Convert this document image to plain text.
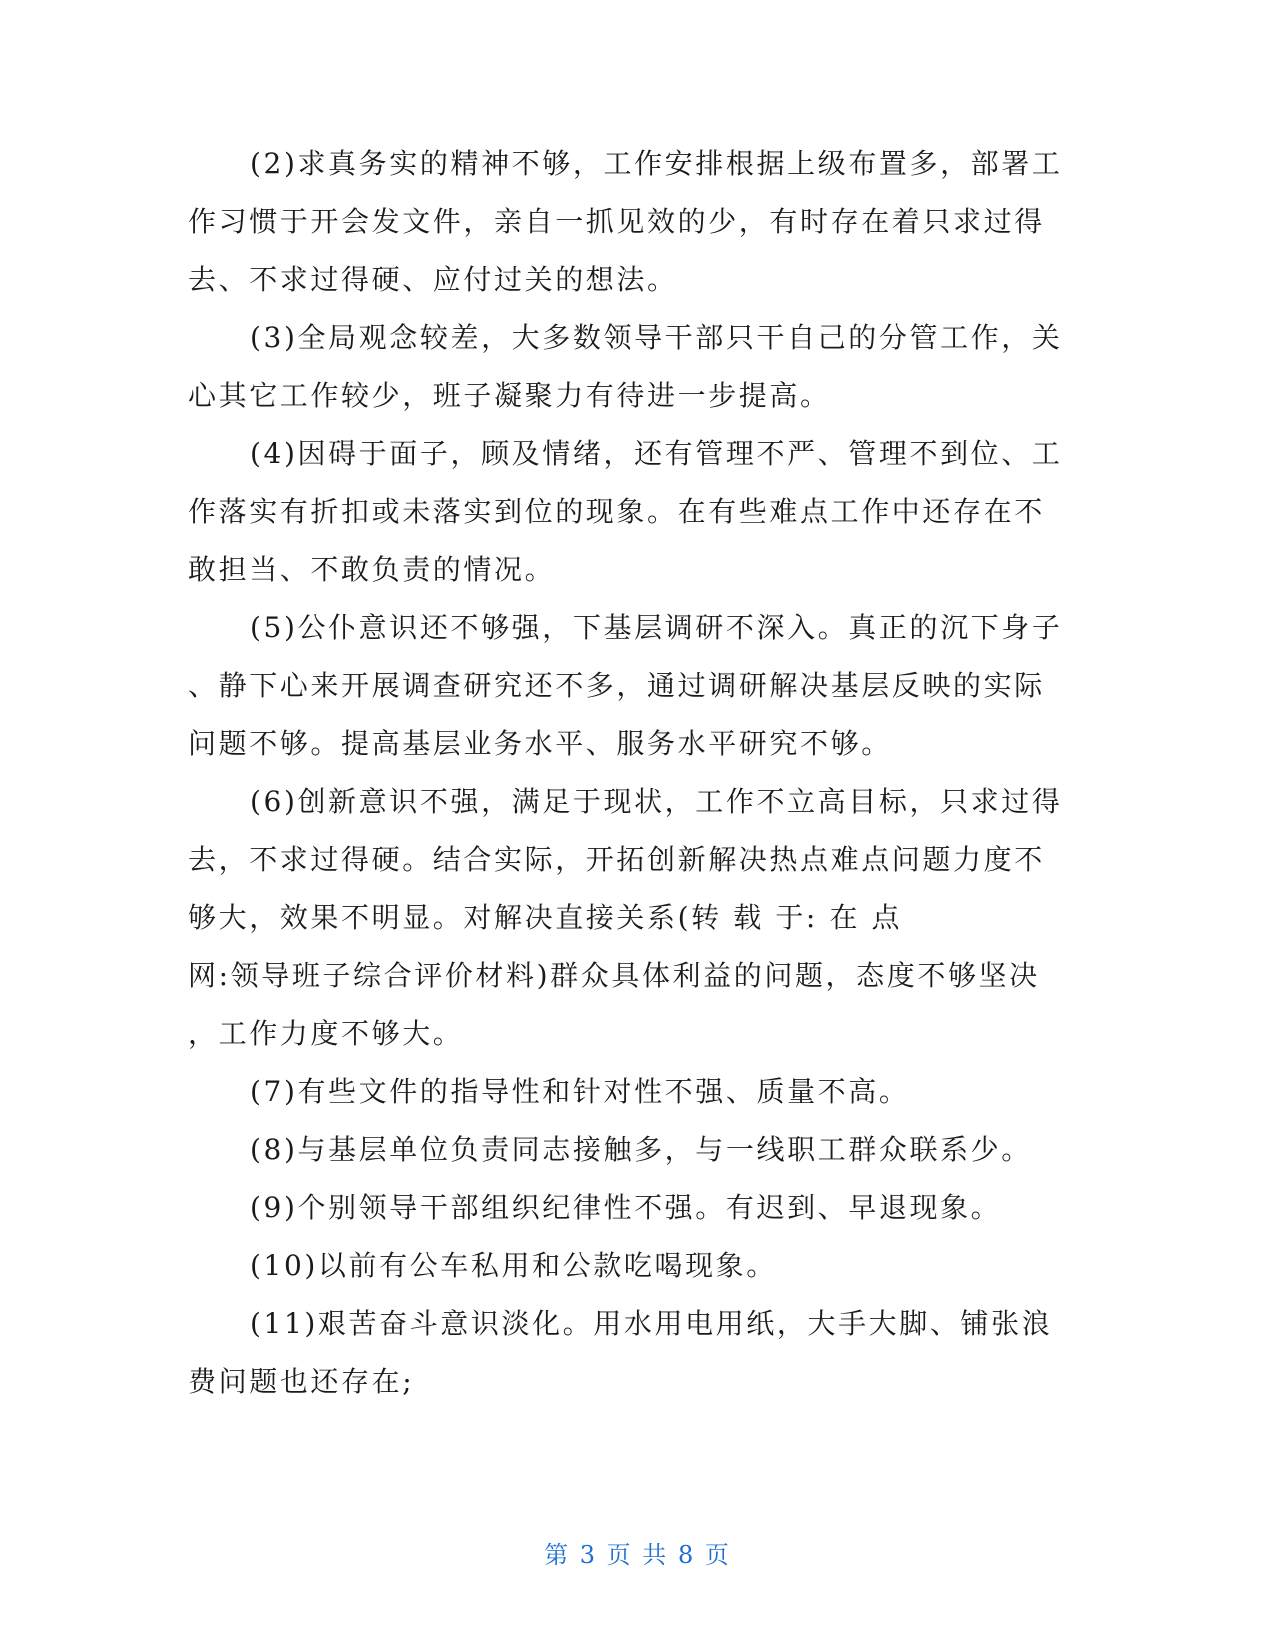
(2)求真务实的精神不够，工作安排根据上级布置多，部署工
作习惯于开会发文件，亲自一抓见效的少，有时存在着只求过得
去、不求过得硬、应付过关的想法。
(3)全局观念较差，大多数领导干部只干自己的分管工作，关
心其它工作较少，班子凝聚力有待进一步提高。
(4)因碍于面子，顾及情绪，还有管理不严、管理不到位、工
作落实有折扣或未落实到位的现象。在有些难点工作中还存在不
敢担当、不敢负责的情况。
(5)公仆意识还不够强，下基层调研不深入。真正的沉下身子
、静下心来开展调查研究还不多，通过调研解决基层反映的实际
问题不够。提高基层业务水平、服务水平研究不够。
(6)创新意识不强，满足于现状，工作不立高目标，只求过得
去，不求过得硬。结合实际，开拓创新解决热点难点问题力度不
够大，效果不明显。对解决直接关系(转 载 于: 在 点
网:领导班子综合评价材料)群众具体利益的问题，态度不够坚决
，工作力度不够大。
(7)有些文件的指导性和针对性不强、质量不高。
(8)与基层单位负责同志接触多，与一线职工群众联系少。
(9)个别领导干部组织纪律性不强。有迟到、早退现象。
(10)以前有公车私用和公款吃喝现象。
(11)艰苦奋斗意识淡化。用水用电用纸，大手大脚、铺张浪
费问题也还存在;
第 3 页 共 8 页
